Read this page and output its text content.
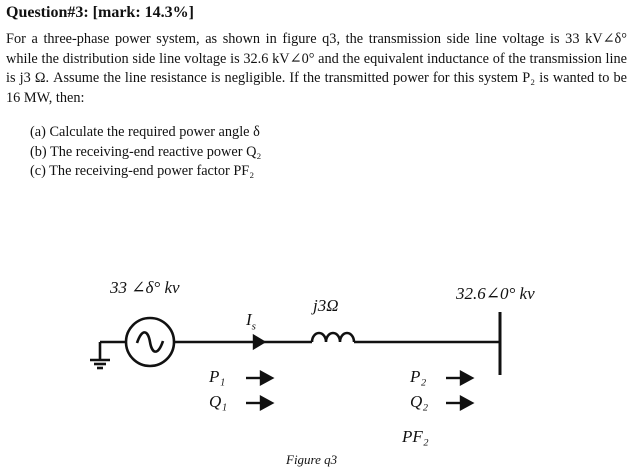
Question#3: [mark: 14.3%]

For a three-phase power system, as shown in figure q3, the transmission side line voltage is 33 kV∠δ° while the distribution side line voltage is 32.6 kV∠0° and the equivalent inductance of the transmission line is j3 Ω. Assume the line resistance is negligible. If the transmitted power for this system P₂ is wanted to be 16 MW, then:

(a) Calculate the required power angle δ
(b) The receiving-end reactive power Q₂
(c) The receiving-end power factor PF₂
33 ∠δ° kv	32.6∠0° kv
j3Ω
$I_s$
P₁
Q₁
P₂
Q₂
PF₂
Figure q3
